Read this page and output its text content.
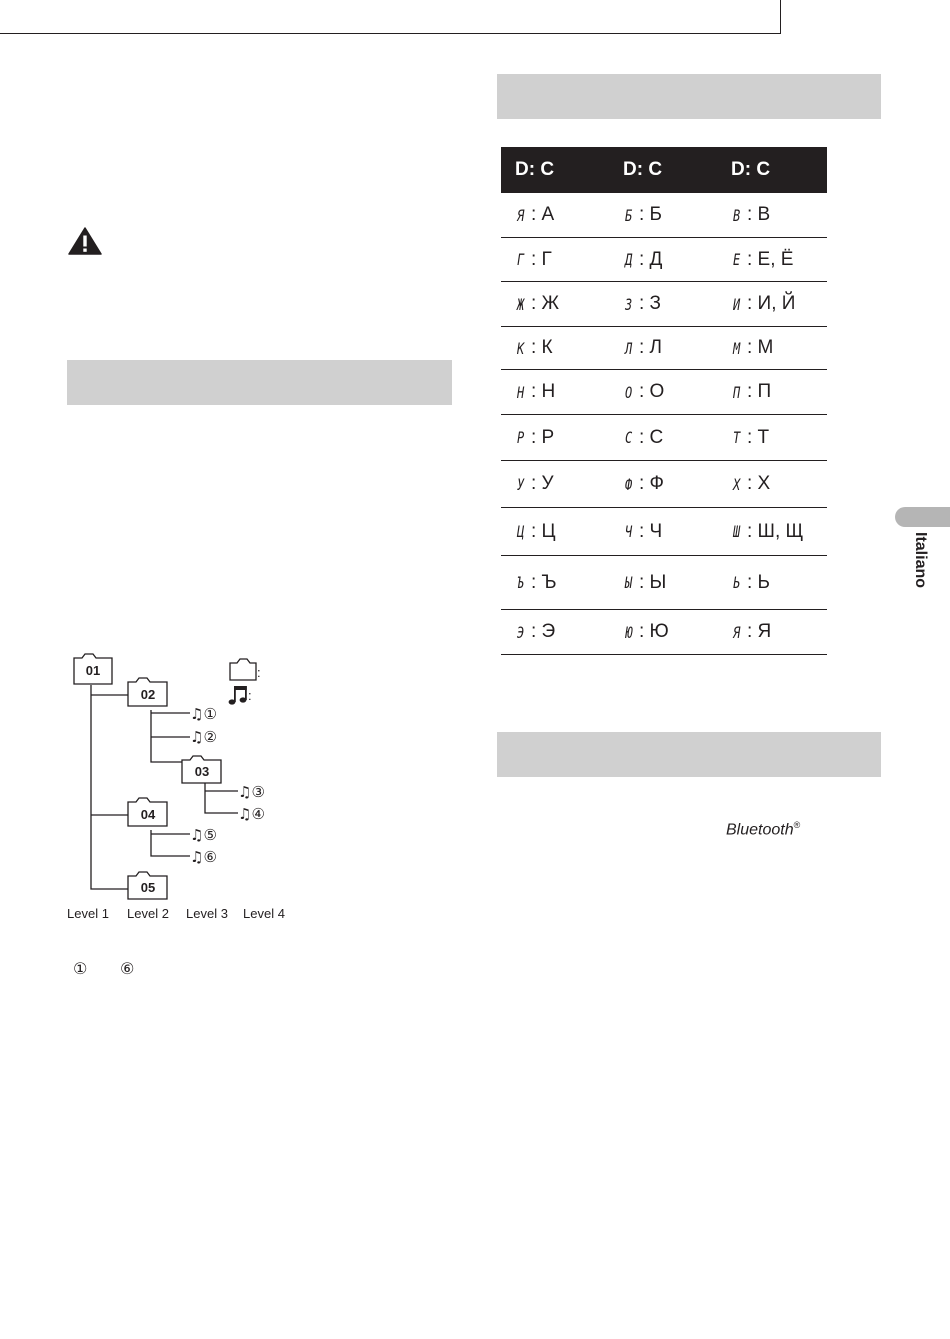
01
02
03
04
05
:
:
♫①
♫②
♫③
♫④
♫⑤
♫⑥
Level 1 Level 2 Level 3 Level 4
① ⑥
D: C	D: C	D: C
Я : А	Б : Б	В : В
Г : Г	Д : Д	Е : Е, Ё
Ж : Ж	З : З	И : И, Й
К : К	Л : Л	М : М
Н : Н	О : О	П : П
Р : Р	С : С	Т : Т
У : У	Ф : Ф	Х : Х
Ц : Ц	Ч : Ч	Ш : Ш, Щ
Ъ : Ъ	Ы : Ы	Ь : Ь
Э : Э	Ю : Ю	Я : Я
Italiano
Bluetooth®
